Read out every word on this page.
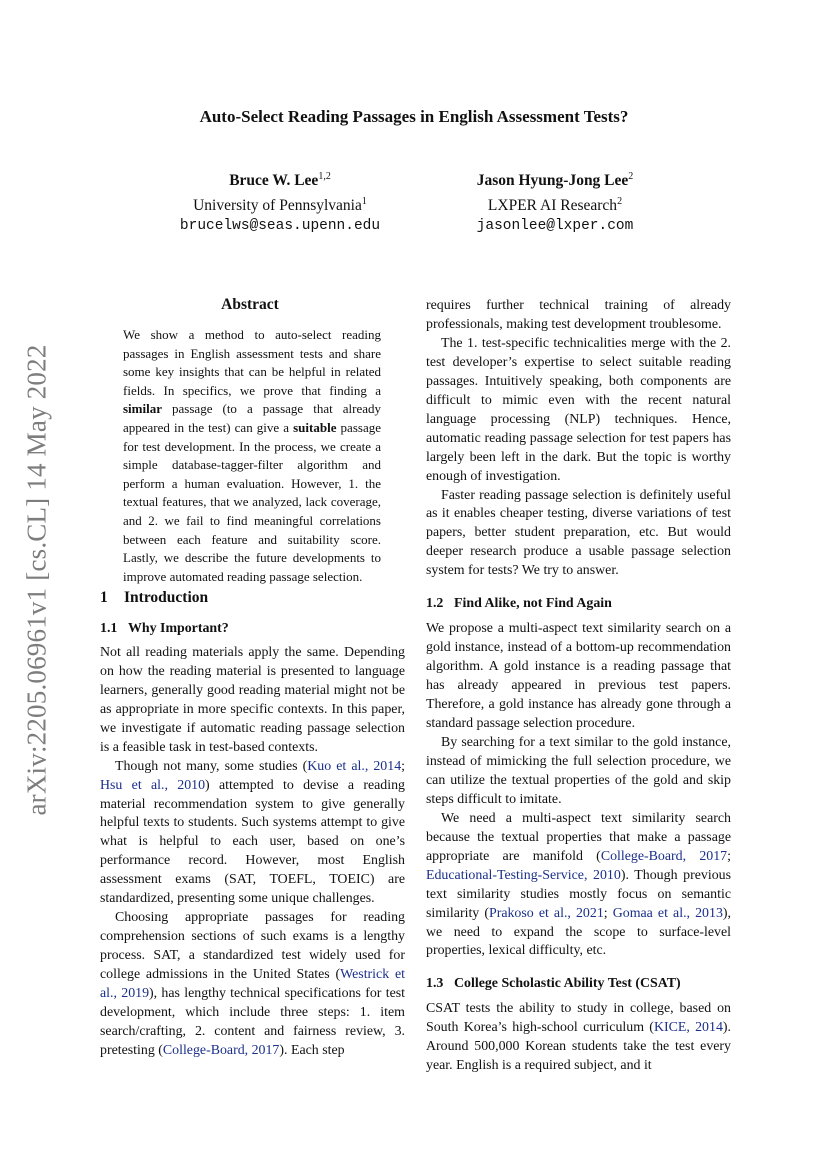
arXiv:2205.06961v1 [cs.CL] 14 May 2022
Auto-Select Reading Passages in English Assessment Tests?
Bruce W. Lee$^{1,2}$
University of Pennsylvania$^1$
brucelws@seas.upenn.edu
Jason Hyung-Jong Lee$^2$
LXPER AI Research$^2$
jasonlee@lxper.com
Abstract
We show a method to auto-select reading passages in English assessment tests and share some key insights that can be helpful in related fields. In specifics, we prove that finding a similar passage (to a passage that already appeared in the test) can give a suitable passage for test development. In the process, we create a simple database-tagger-filter algorithm and perform a human evaluation. However, 1. the textual features, that we analyzed, lack coverage, and 2. we fail to find meaningful correlations between each feature and suitability score. Lastly, we describe the future developments to improve automated reading passage selection.
1 Introduction
1.1 Why Important?

Not all reading materials apply the same. Depending on how the reading material is presented to language learners, generally good reading material might not be as appropriate in more specific contexts. In this paper, we investigate if automatic reading passage selection is a feasible task in test-based contexts.

Though not many, some studies (Kuo et al., 2014; Hsu et al., 2010) attempted to devise a reading material recommendation system to give generally helpful texts to students. Such systems attempt to give what is helpful to each user, based on one’s performance record. However, most English assessment exams (SAT, TOEFL, TOEIC) are standardized, presenting some unique challenges.

Choosing appropriate passages for reading comprehension sections of such exams is a lengthy process. SAT, a standardized test widely used for college admissions in the United States (Westrick et al., 2019), has lengthy technical specifications for test development, which include three steps: 1. item search/crafting, 2. content and fairness review, 3. pretesting (College-Board, 2017). Each step

requires further technical training of already professionals, making test development troublesome.

The 1. test-specific technicalities merge with the 2. test developer’s expertise to select suitable reading passages. Intuitively speaking, both components are difficult to mimic even with the recent natural language processing (NLP) techniques. Hence, automatic reading passage selection for test papers has largely been left in the dark. But the topic is worthy enough of investigation.

Faster reading passage selection is definitely useful as it enables cheaper testing, diverse variations of test papers, better student preparation, etc. But would deeper research produce a usable passage selection system for tests? We try to answer.

1.2 Find Alike, not Find Again

We propose a multi-aspect text similarity search on a gold instance, instead of a bottom-up recommendation algorithm. A gold instance is a reading passage that has already appeared in previous test papers. Therefore, a gold instance has already gone through a standard passage selection procedure.

By searching for a text similar to the gold instance, instead of mimicking the full selection procedure, we can utilize the textual properties of the gold and skip steps difficult to imitate.

We need a multi-aspect text similarity search because the textual properties that make a passage appropriate are manifold (College-Board, 2017; Educational-Testing-Service, 2010). Though previous text similarity studies mostly focus on semantic similarity (Prakoso et al., 2021; Gomaa et al., 2013), we need to expand the scope to surface-level properties, lexical difficulty, etc.

1.3 College Scholastic Ability Test (CSAT)

CSAT tests the ability to study in college, based on South Korea’s high-school curriculum (KICE, 2014). Around 500,000 Korean students take the test every year. English is a required subject, and it
